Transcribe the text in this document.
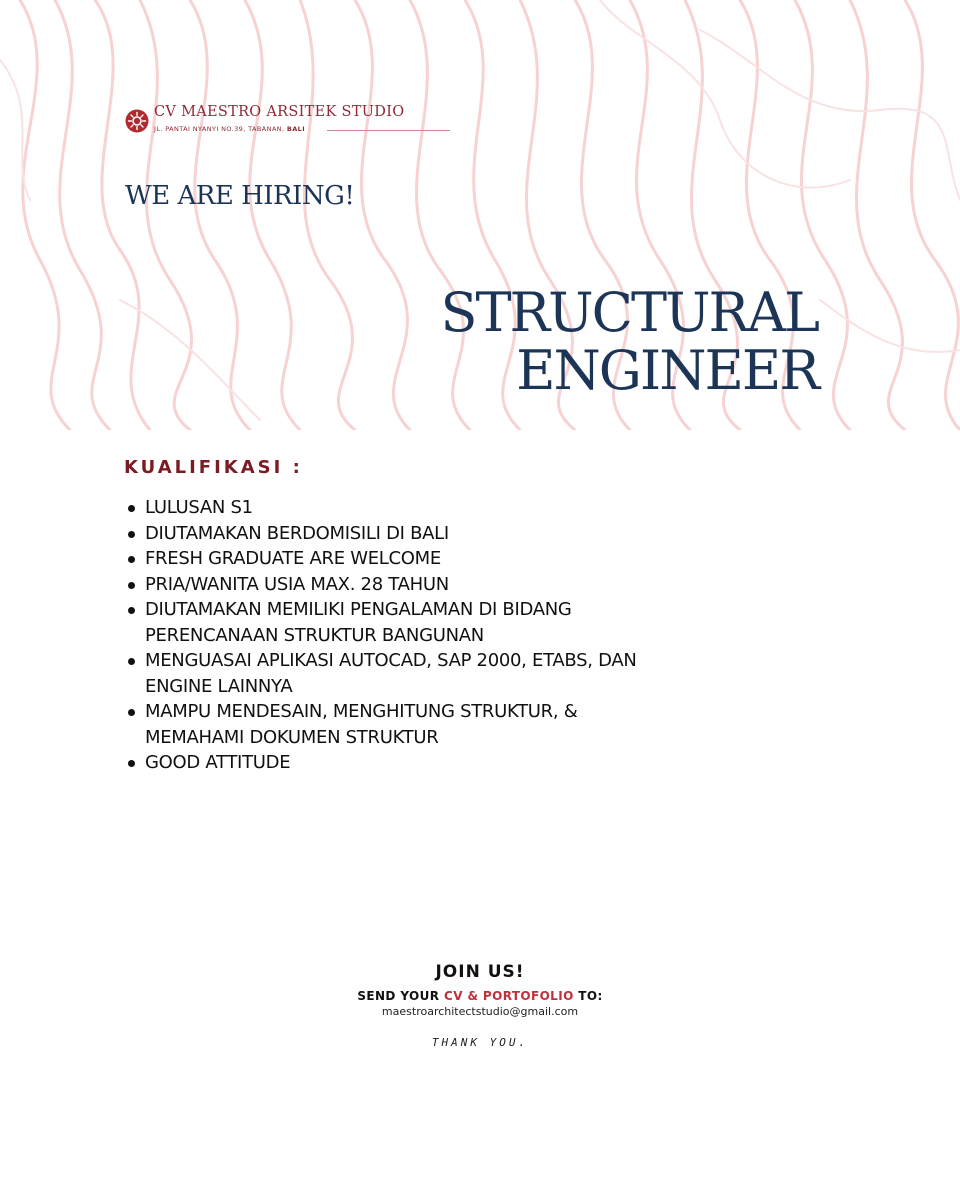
CV MAESTRO ARSITEK STUDIO
JL. PANTAI NYANYI NO.39, TABANAN, BALI
WE ARE HIRING!
STRUCTURAL
ENGINEER
KUALIFIKASI :
LULUSAN S1
DIUTAMAKAN BERDOMISILI DI BALI
FRESH GRADUATE ARE WELCOME
PRIA/WANITA USIA MAX. 28 TAHUN
DIUTAMAKAN MEMILIKI PENGALAMAN DI BIDANG
PERENCANAAN STRUKTUR BANGUNAN
MENGUASAI APLIKASI AUTOCAD, SAP 2000, ETABS, DAN
ENGINE LAINNYA
MAMPU MENDESAIN, MENGHITUNG STRUKTUR, &
MEMAHAMI DOKUMEN STRUKTUR
GOOD ATTITUDE
JOIN US!
SEND YOUR CV & PORTOFOLIO TO:
maestroarchitectstudio@gmail.com
THANK YOU.
